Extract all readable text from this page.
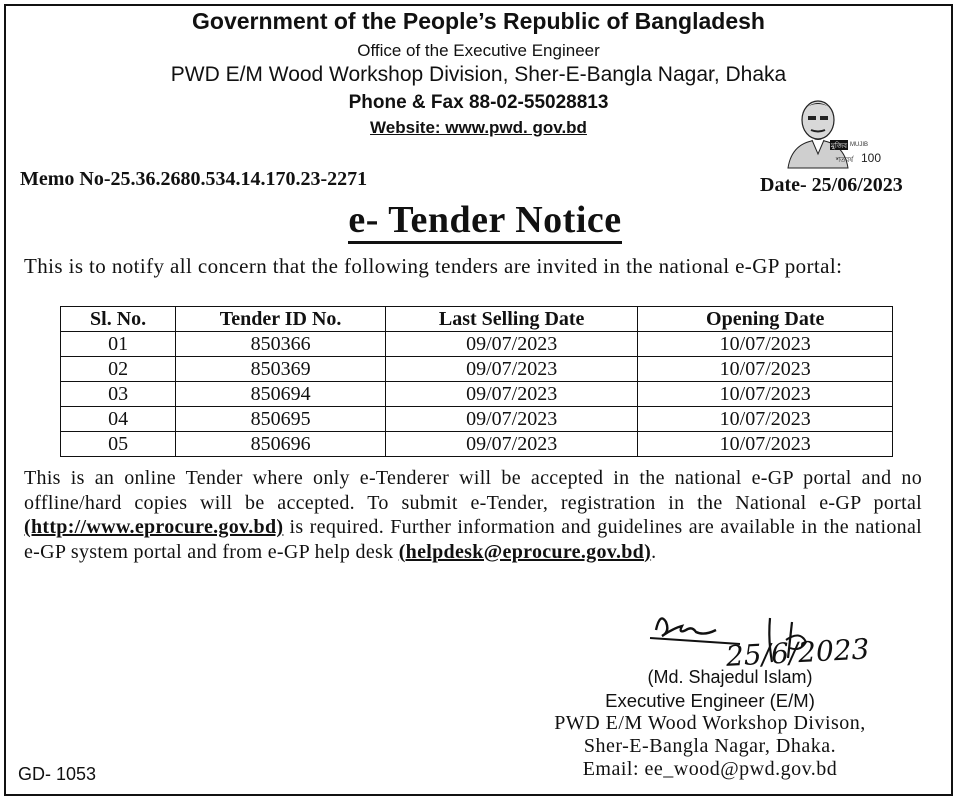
Government of the People’s Republic of Bangladesh
Office of the Executive Engineer
PWD E/M Wood Workshop Division, Sher-E-Bangla Nagar, Dhaka
Phone & Fax 88-02-55028813
Website: www.pwd. gov.bd
মুজিব MUJIB
100
শতবর্ষ
Memo No-25.36.2680.534.14.170.23-2271	Date- 25/06/2023
e- Tender Notice
This is to notify all concern that the following tenders are invited in the national e-GP portal:
Sl. No.	Tender ID No.	Last Selling Date	Opening Date
01	850366	09/07/2023	10/07/2023
02	850369	09/07/2023	10/07/2023
03	850694	09/07/2023	10/07/2023
04	850695	09/07/2023	10/07/2023
05	850696	09/07/2023	10/07/2023
This is an online Tender where only e-Tenderer will be accepted in the national e-GP portal and no offline/hard copies will be accepted. To submit e-Tender, registration in the National e-GP portal (http://www.eprocure.gov.bd) is required. Further information and guidelines are available in the national e-GP system portal and from e-GP help desk (helpdesk@eprocure.gov.bd).
25/6/2023
(Md. Shajedul Islam)
Executive Engineer (E/M)
PWD E/M Wood Workshop Divison,
Sher-E-Bangla Nagar, Dhaka.
Email: ee_wood@pwd.gov.bd
GD- 1053
